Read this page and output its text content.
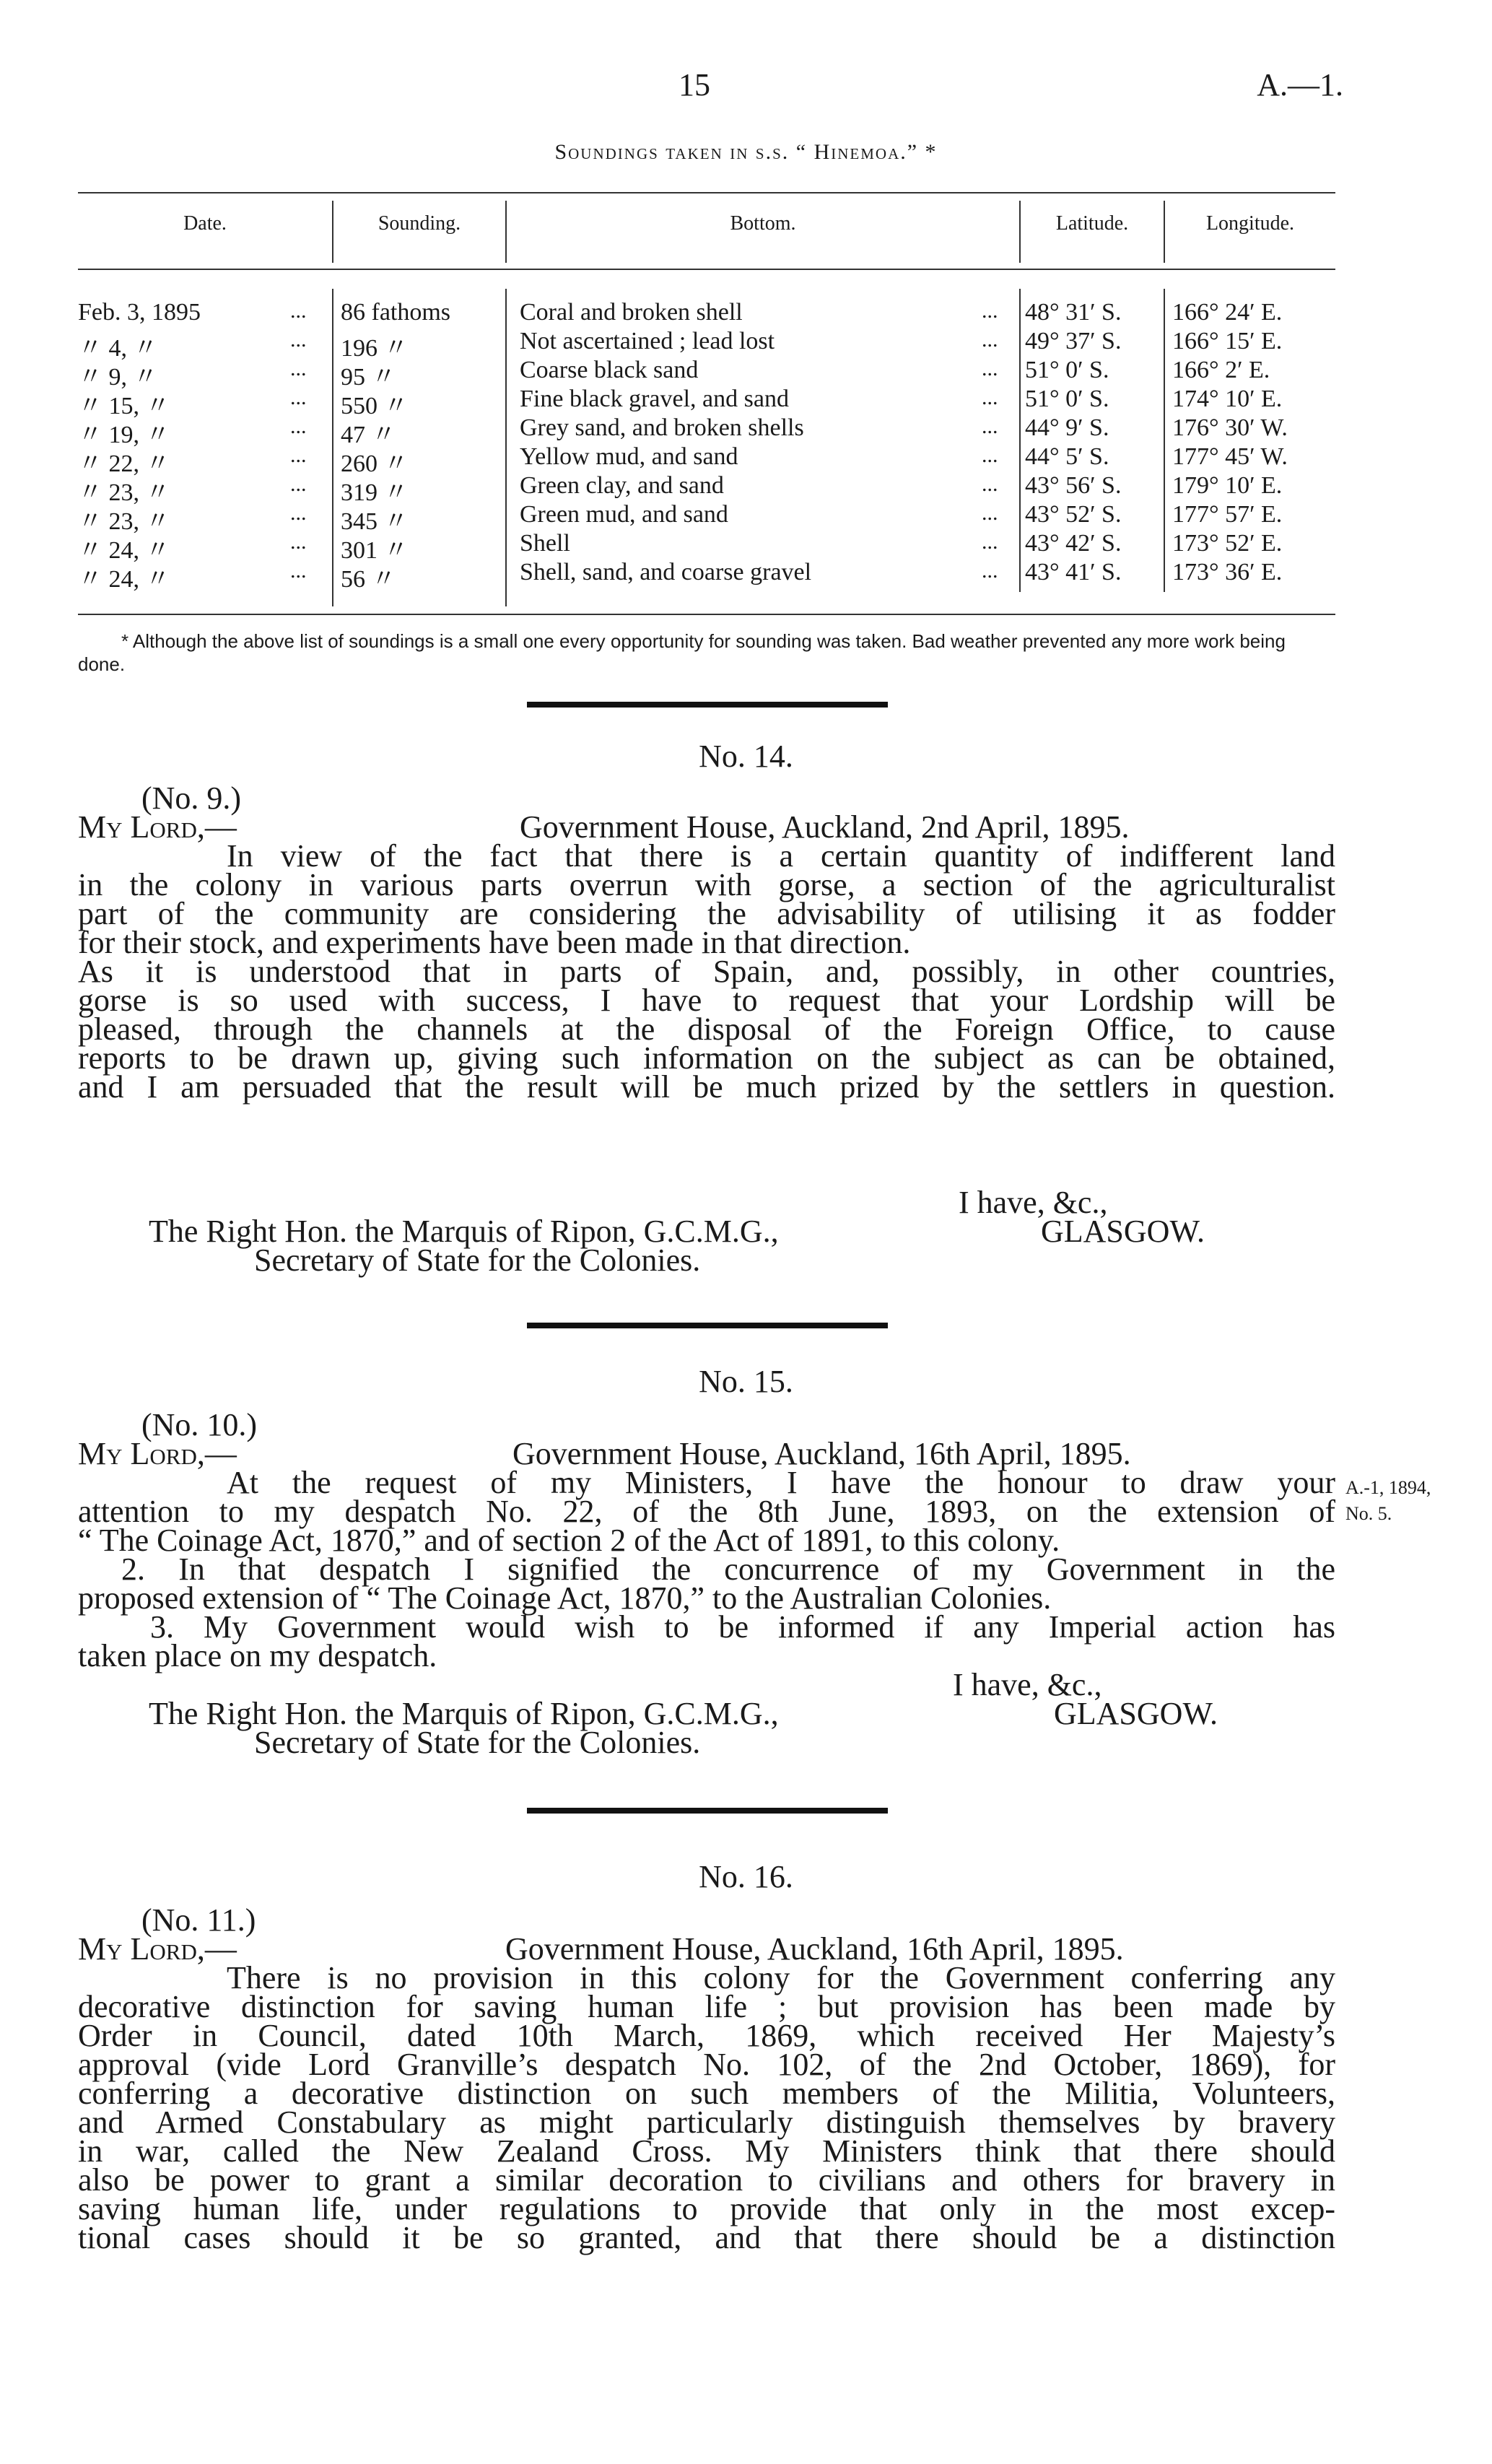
15	A.—1.
Soundings taken in s.s. “ Hinemoa.” *
Date.	Sounding.	Bottom.	Latitude.	Longitude.
Feb. 3, 1895	... 86 fathoms	Coral and broken shell	... 48° 31′ S. 166° 24′ E.
〃 4, 〃	... 196 〃	Not ascertained ; lead lost	... 49° 37′ S. 166° 15′ E.
〃 9, 〃	... 95 〃	Coarse black sand	... 51° 0′ S.	166° 2′ E.
〃 15, 〃	... 550 〃	Fine black gravel, and sand	... 51° 0′ S.	174° 10′ E.
〃 19, 〃	... 47 〃	Grey sand, and broken shells	... 44° 9′ S.	176° 30′ W.
〃 22, 〃	... 260 〃	Yellow mud, and sand	... 44° 5′ S.	177° 45′ W.
〃 23, 〃	... 319 〃	Green clay, and sand	... 43° 56′ S. 179° 10′ E.
〃 23, 〃	... 345 〃	Green mud, and sand	... 43° 52′ S. 177° 57′ E.
〃 24, 〃	... 301 〃	Shell	... 43° 42′ S. 173° 52′ E.
〃 24, 〃	... 56 〃	Shell, sand, and coarse gravel	... 43° 41′ S. 173° 36′ E.
* Although the above list of soundings is a small one every opportunity for sounding was taken. Bad weather prevented any more work being done.
No. 14.
(No. 9.)
My Lord,—	Government House, Auckland, 2nd April, 1895.
In view of the fact that there is a certain quantity of indifferent land
in the colony in various parts overrun with gorse, a section of the agriculturalist
part of the community are considering the advisability of utilising it as fodder
for their stock, and experiments have been made in that direction.
As it is understood that in parts of Spain, and, possibly, in other countries,
gorse is so used with success, I have to request that your Lordship will be
pleased, through the channels at the disposal of the Foreign Office, to cause
reports to be drawn up, giving such information on the subject as can be obtained,
and I am persuaded that the result will be much prized by the settlers in question.
I have, &c.,
The Right Hon. the Marquis of Ripon, G.C.M.G.,	GLASGOW.
Secretary of State for the Colonies.
No. 15.
(No. 10.)
My Lord,—	Government House, Auckland, 16th April, 1895.
At the request of my Ministers, I have the honour to draw your
attention to my despatch No. 22, of the 8th June, 1893, on the extension of
“ The Coinage Act, 1870,” and of section 2 of the Act of 1891, to this colony.
2. In that despatch I signified the concurrence of my Government in the
proposed extension of “ The Coinage Act, 1870,” to the Australian Colonies.
3. My Government would wish to be informed if any Imperial action has
taken place on my despatch.
A.-1, 1894,
No. 5.
I have, &c.,
The Right Hon. the Marquis of Ripon, G.C.M.G.,	GLASGOW.
Secretary of State for the Colonies.
No. 16.
(No. 11.)
My Lord,—	Government House, Auckland, 16th April, 1895.
There is no provision in this colony for the Government conferring any
decorative distinction for saving human life ; but provision has been made by
Order in Council, dated 10th March, 1869, which received Her Majesty’s
approval (vide Lord Granville’s despatch No. 102, of the 2nd October, 1869), for
conferring a decorative distinction on such members of the Militia, Volunteers,
and Armed Constabulary as might particularly distinguish themselves by bravery
in war, called the New Zealand Cross. My Ministers think that there should
also be power to grant a similar decoration to civilians and others for bravery in
saving human life, under regulations to provide that only in the most excep-
tional cases should it be so granted, and that there should be a distinction
